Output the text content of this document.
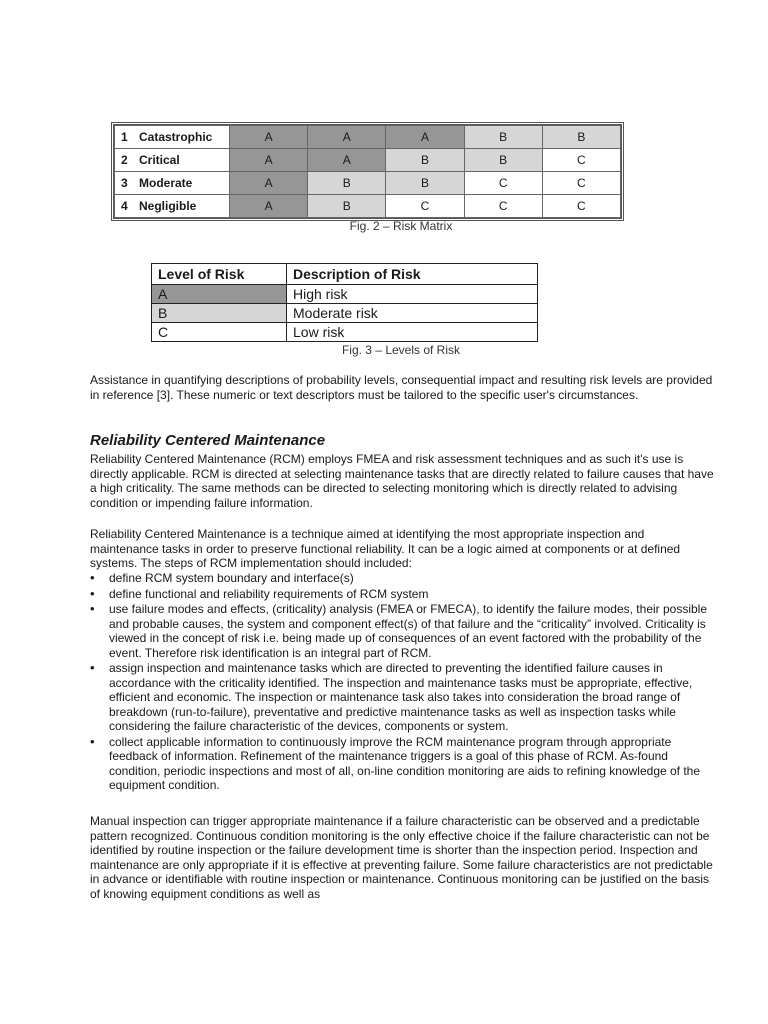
1 Catastrophic	A	A	A	B	B
2 Critical	A	A	B	B	C
3 Moderate	A	B	B	C	C
4 Negligible	A	B	C	C	C
Fig. 2 – Risk Matrix
Level of Risk	Description of Risk
A	High risk
B	Moderate risk
C	Low risk
Fig. 3 – Levels of Risk
Assistance in quantifying descriptions of probability levels, consequential impact and resulting risk levels are provided in reference [3]. These numeric or text descriptors must be tailored to the specific user's circumstances.
Reliability Centered Maintenance
Reliability Centered Maintenance (RCM) employs FMEA and risk assessment techniques and as such it's use is directly applicable. RCM is directed at selecting maintenance tasks that are directly related to failure causes that have a high criticality. The same methods can be directed to selecting monitoring which is directly related to advising condition or impending failure information.
Reliability Centered Maintenance is a technique aimed at identifying the most appropriate inspection and maintenance tasks in order to preserve functional reliability. It can be a logic aimed at components or at defined systems. The steps of RCM implementation should included:
• define RCM system boundary and interface(s)
• define functional and reliability requirements of RCM system
• use failure modes and effects, (criticality) analysis (FMEA or FMECA), to identify the failure modes, their possible and probable causes, the system and component effect(s) of that failure and the “criticality” involved. Criticality is viewed in the concept of risk i.e. being made up of consequences of an event factored with the probability of the event. Therefore risk identification is an integral part of RCM.
• assign inspection and maintenance tasks which are directed to preventing the identified failure causes in accordance with the criticality identified. The inspection and maintenance tasks must be appropriate, effective, efficient and economic. The inspection or maintenance task also takes into consideration the broad range of breakdown (run-to-failure), preventative and predictive maintenance tasks as well as inspection tasks while considering the failure characteristic of the devices, components or system.
• collect applicable information to continuously improve the RCM maintenance program through appropriate feedback of information. Refinement of the maintenance triggers is a goal of this phase of RCM. As-found condition, periodic inspections and most of all, on-line condition monitoring are aids to refining knowledge of the equipment condition.
Manual inspection can trigger appropriate maintenance if a failure characteristic can be observed and a predictable pattern recognized. Continuous condition monitoring is the only effective choice if the failure characteristic can not be identified by routine inspection or the failure development time is shorter than the inspection period. Inspection and maintenance are only appropriate if it is effective at preventing failure. Some failure characteristics are not predictable in advance or identifiable with routine inspection or maintenance. Continuous monitoring can be justified on the basis of knowing equipment conditions as well as
